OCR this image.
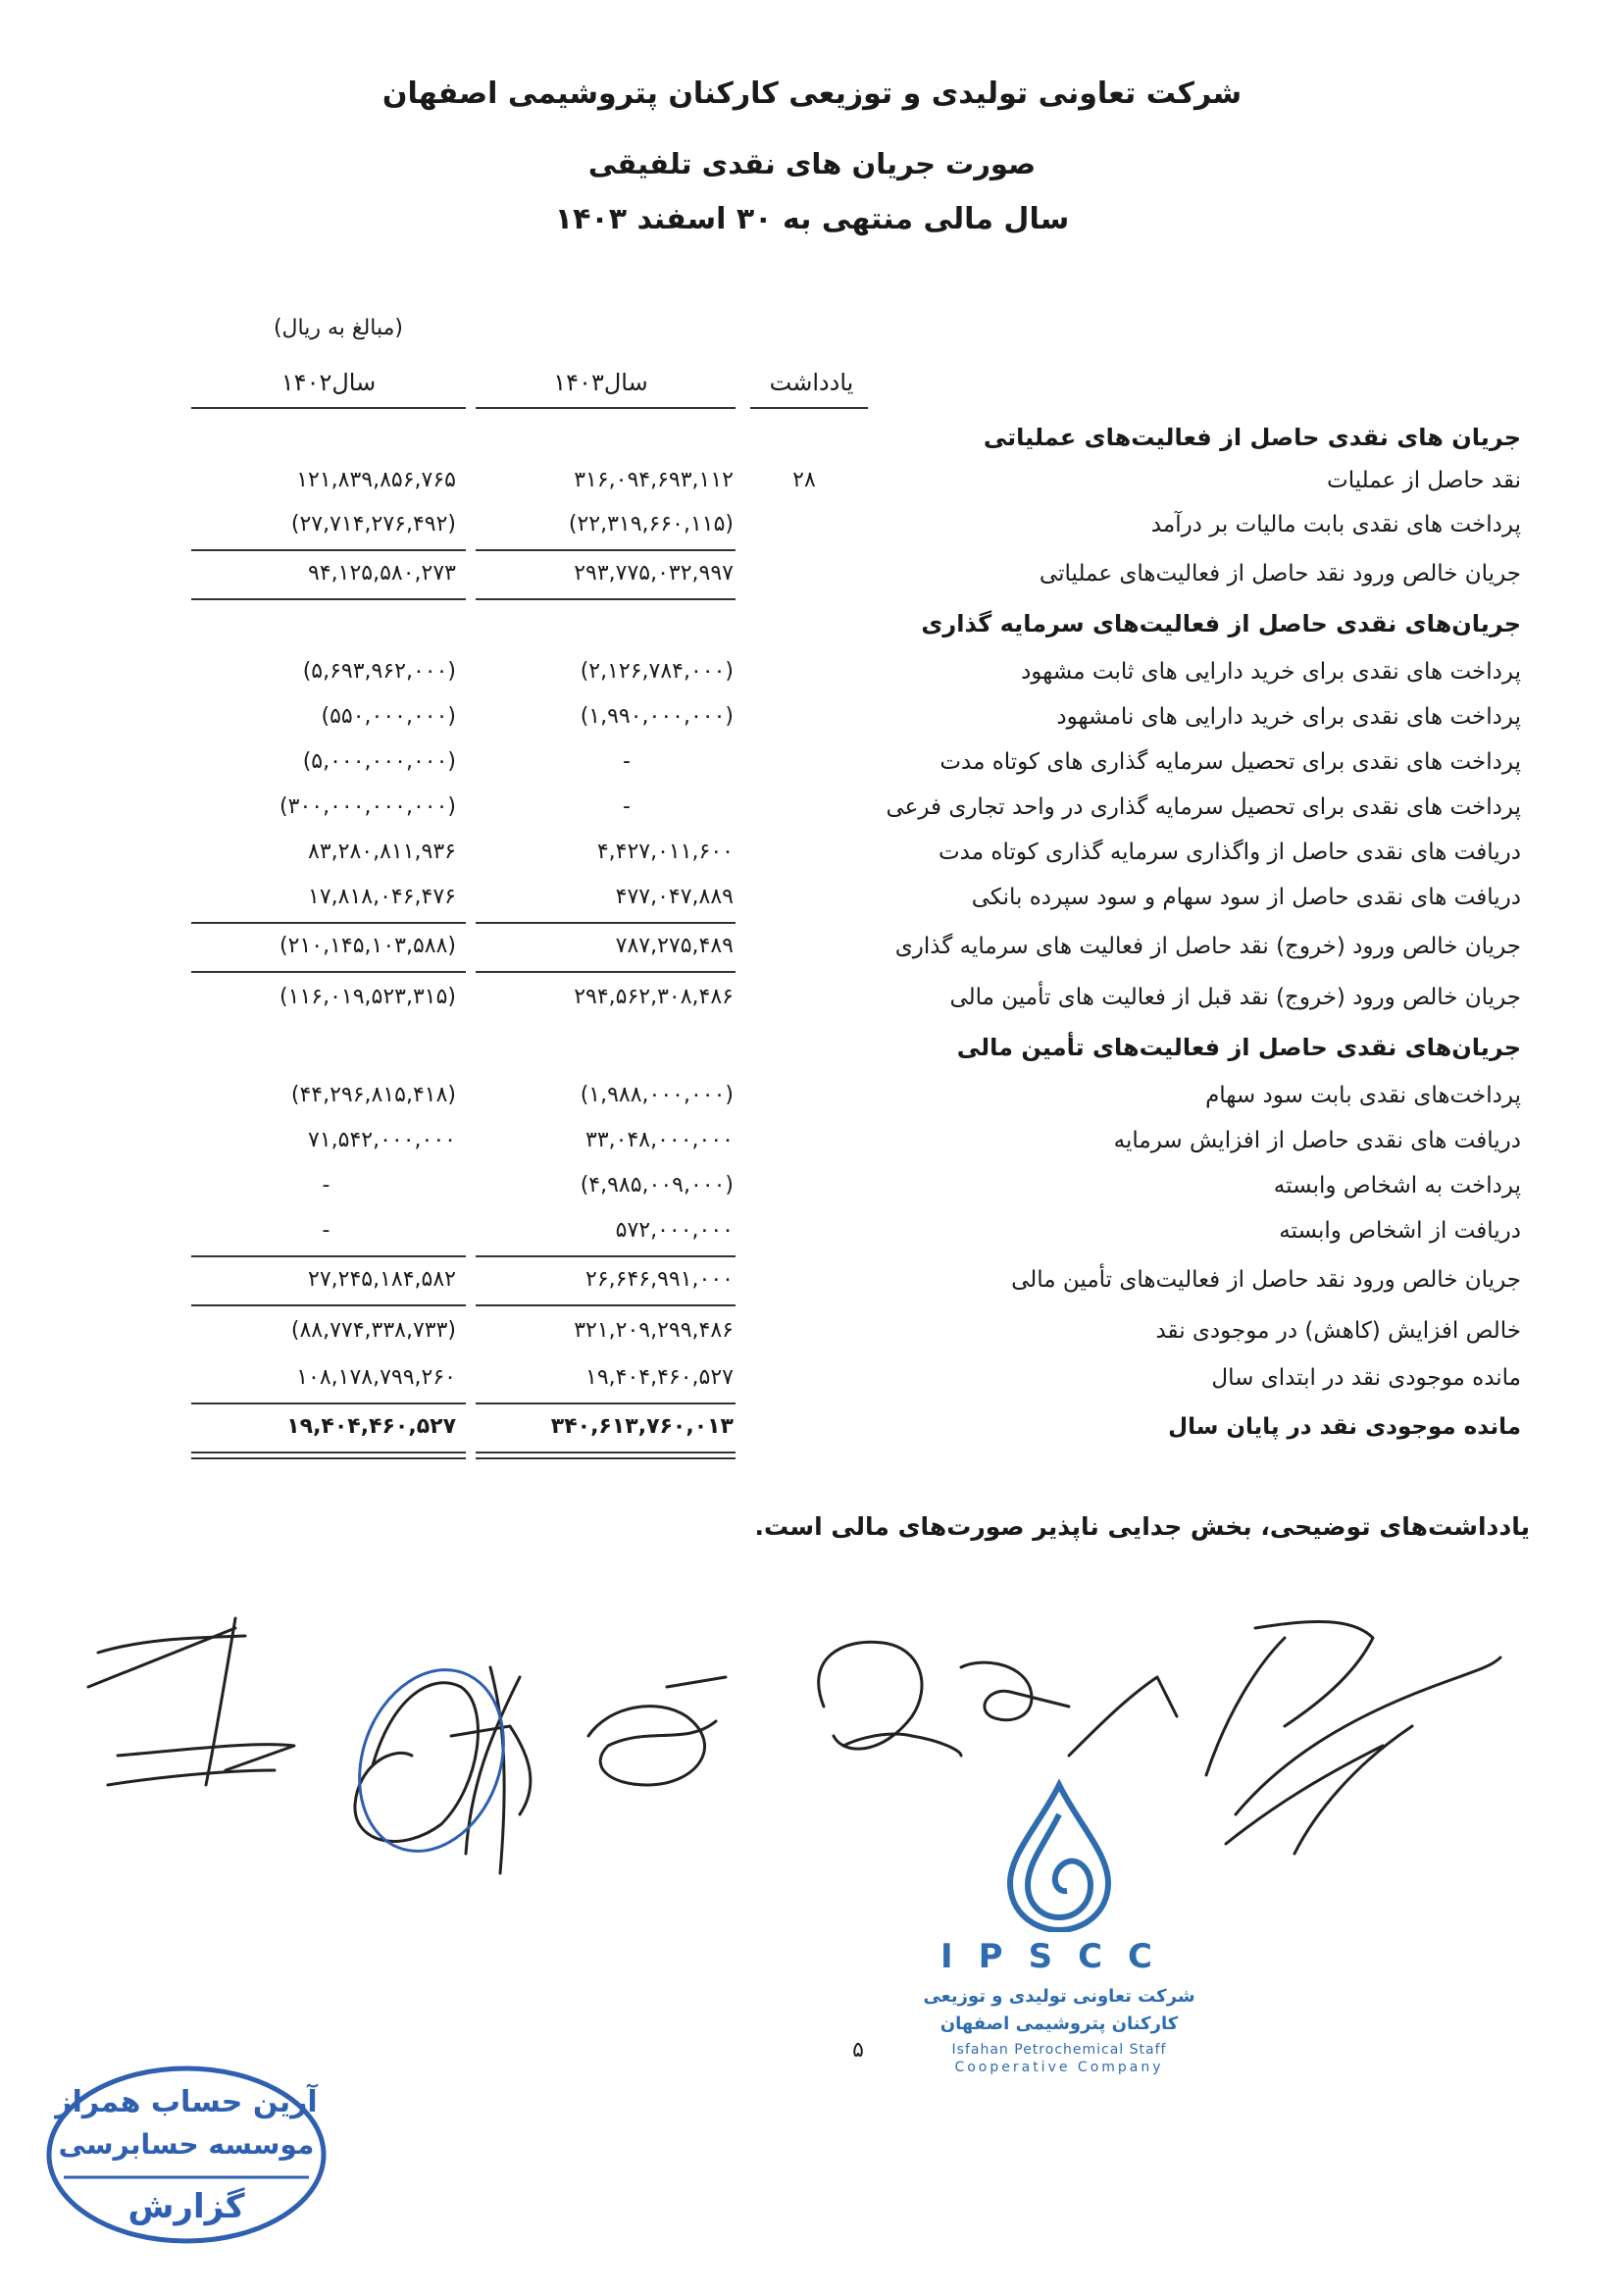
شرکت تعاونی تولیدی و توزیعی کارکنان پتروشیمی اصفهان
صورت جریان های نقدی تلفیقی
سال مالی منتهی به ۳۰ اسفند ۱۴۰۳
(مبالغ به ریال)
سال۱۴۰۲	سال۱۴۰۳	یادداشت
جریان های نقدی حاصل از فعالیت‌های عملیاتی
نقد حاصل از عملیات
۲۸
۳۱۶,۰۹۴,۶۹۳,۱۱۲
۱۲۱,۸۳۹,۸۵۶,۷۶۵
پرداخت های نقدی بابت مالیات بر درآمد
(۲۲,۳۱۹,۶۶۰,۱۱۵)
(۲۷,۷۱۴,۲۷۶,۴۹۲)
جریان خالص ورود نقد حاصل از فعالیت‌های عملیاتی
۲۹۳,۷۷۵,۰۳۲,۹۹۷
۹۴,۱۲۵,۵۸۰,۲۷۳
جریان‌های نقدی حاصل از فعالیت‌های سرمایه گذاری
پرداخت های نقدی برای خرید دارایی های ثابت مشهود
(۲,۱۲۶,۷۸۴,۰۰۰)
(۵,۶۹۳,۹۶۲,۰۰۰)
پرداخت های نقدی برای خرید دارایی های نامشهود
(۱,۹۹۰,۰۰۰,۰۰۰)
(۵۵۰,۰۰۰,۰۰۰)
پرداخت های نقدی برای تحصیل سرمایه گذاری های کوتاه مدت
-
(۵,۰۰۰,۰۰۰,۰۰۰)
پرداخت های نقدی برای تحصیل سرمایه گذاری در واحد تجاری فرعی
-
(۳۰۰,۰۰۰,۰۰۰,۰۰۰)
دریافت های نقدی حاصل از واگذاری سرمایه گذاری کوتاه مدت
۴,۴۲۷,۰۱۱,۶۰۰
۸۳,۲۸۰,۸۱۱,۹۳۶
دریافت های نقدی حاصل از سود سهام و سود سپرده بانکی
۴۷۷,۰۴۷,۸۸۹
۱۷,۸۱۸,۰۴۶,۴۷۶
جریان خالص ورود (خروج) نقد حاصل از فعالیت های سرمایه گذاری
۷۸۷,۲۷۵,۴۸۹
(۲۱۰,۱۴۵,۱۰۳,۵۸۸)
جریان خالص ورود (خروج) نقد قبل از فعالیت های تأمین مالی
۲۹۴,۵۶۲,۳۰۸,۴۸۶
(۱۱۶,۰۱۹,۵۲۳,۳۱۵)
جریان‌های نقدی حاصل از فعالیت‌های تأمین مالی
پرداخت‌های نقدی بابت سود سهام
(۱,۹۸۸,۰۰۰,۰۰۰)
(۴۴,۲۹۶,۸۱۵,۴۱۸)
دریافت های نقدی حاصل از افزایش سرمایه
۳۳,۰۴۸,۰۰۰,۰۰۰
۷۱,۵۴۲,۰۰۰,۰۰۰
پرداخت به اشخاص وابسته
(۴,۹۸۵,۰۰۹,۰۰۰)
-
دریافت از اشخاص وابسته
۵۷۲,۰۰۰,۰۰۰
-
جریان خالص ورود نقد حاصل از فعالیت‌های تأمین مالی
۲۶,۶۴۶,۹۹۱,۰۰۰
۲۷,۲۴۵,۱۸۴,۵۸۲
خالص افزایش (کاهش) در موجودی نقد
۳۲۱,۲۰۹,۲۹۹,۴۸۶
(۸۸,۷۷۴,۳۳۸,۷۳۳)
مانده موجودی نقد در ابتدای سال
۱۹,۴۰۴,۴۶۰,۵۲۷
۱۰۸,۱۷۸,۷۹۹,۲۶۰
مانده موجودی نقد در پایان سال
۳۴۰,۶۱۳,۷۶۰,۰۱۳
۱۹,۴۰۴,۴۶۰,۵۲۷
یادداشت‌های توضیحی، بخش جدایی ناپذیر صورت‌های مالی است.
IPSCC
شرکت تعاونی تولیدی و توزیعی
کارکنان پتروشیمی اصفهان
Isfahan Petrochemical Staff
Cooperative Company
۵
آرین حساب همراز
موسسه حسابرسی
گزارش
